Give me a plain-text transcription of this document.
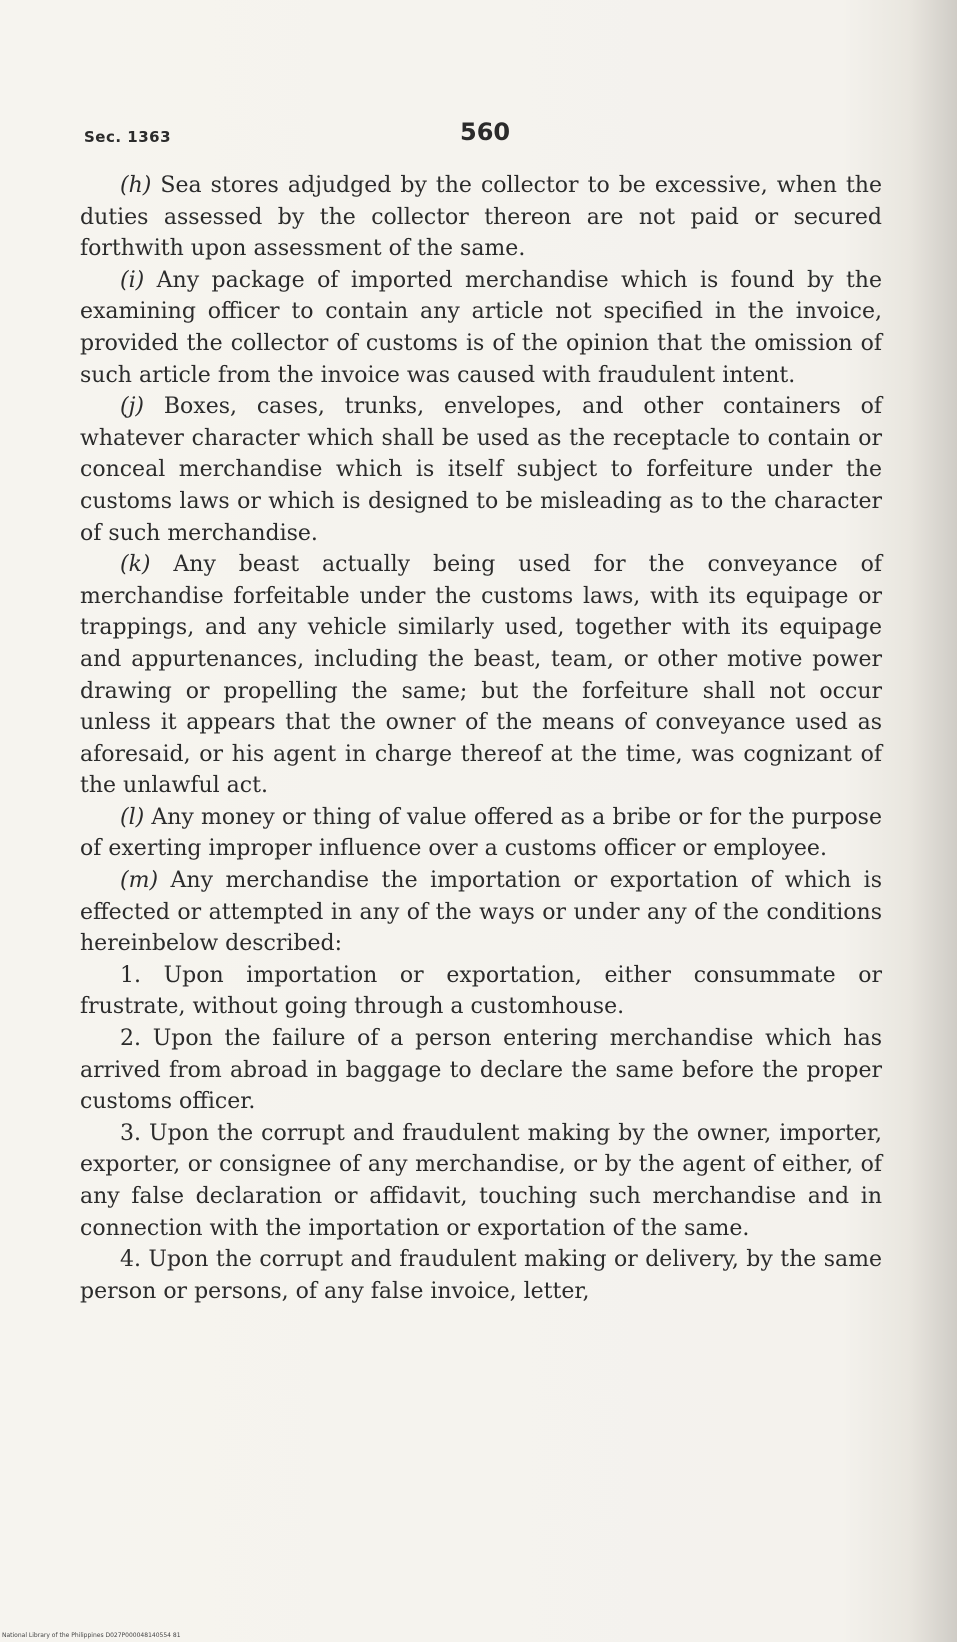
Sec. 1363	560

(h) Sea stores adjudged by the collector to be excessive, when the duties assessed by the collector thereon are not paid or secured forthwith upon assessment of the same.

(i) Any package of imported merchandise which is found by the examining officer to contain any article not specified in the invoice, provided the collector of customs is of the opinion that the omission of such article from the invoice was caused with fraudulent intent.

(j) Boxes, cases, trunks, envelopes, and other containers of whatever character which shall be used as the receptacle to contain or conceal merchandise which is itself subject to forfeiture under the customs laws or which is designed to be misleading as to the character of such merchandise.

(k) Any beast actually being used for the conveyance of merchandise forfeitable under the customs laws, with its equipage or trappings, and any vehicle similarly used, together with its equipage and appurtenances, including the beast, team, or other motive power drawing or propelling the same; but the forfeiture shall not occur unless it appears that the owner of the means of conveyance used as aforesaid, or his agent in charge thereof at the time, was cognizant of the unlawful act.

(l) Any money or thing of value offered as a bribe or for the purpose of exerting improper influence over a customs officer or employee.

(m) Any merchandise the importation or exportation of which is effected or attempted in any of the ways or under any of the conditions hereinbelow described:

1. Upon importation or exportation, either consummate or frustrate, without going through a customhouse.

2. Upon the failure of a person entering merchandise which has arrived from abroad in baggage to declare the same before the proper customs officer.

3. Upon the corrupt and fraudulent making by the owner, importer, exporter, or consignee of any merchandise, or by the agent of either, of any false declaration or affidavit, touching such merchandise and in connection with the importation or exportation of the same.

4. Upon the corrupt and fraudulent making or delivery, by the same person or persons, of any false invoice, letter,

National Library of the Philippines D027P000048140554 81
